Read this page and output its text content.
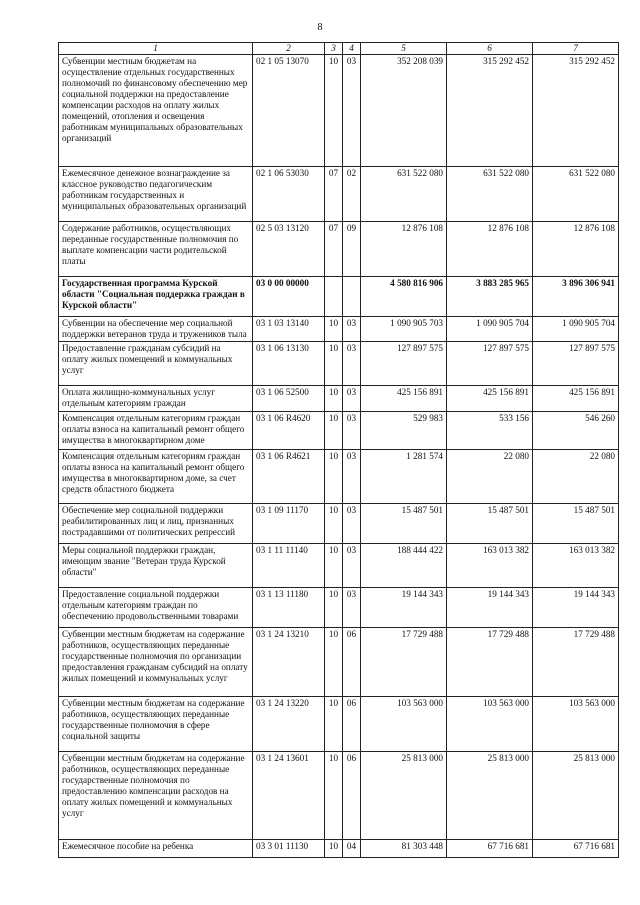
8
1	2	3	4	5	6	7
Субвенции местным бюджетам на осуществление отдельных государственных полномочий по финансовому обеспечению мер социальной поддержки на предоставление компенсации расходов на оплату жилых помещений, отопления и освещения работникам муниципальных образовательных организаций	02 1 05 13070	10	03	352 208 039	315 292 452	315 292 452
Ежемесячное денежное вознаграждение за классное руководство педагогическим работникам государственных и муниципальных образовательных организаций	02 1 06 53030	07	02	631 522 080	631 522 080	631 522 080
Содержание работников, осуществляющих переданные государственные полномочия по выплате компенсации части родительской платы	02 5 03 13120	07	09	12 876 108	12 876 108	12 876 108
Государственная программа Курской области "Социальная поддержка граждан в Курской области"	03 0 00 00000			4 580 816 906	3 883 285 965	3 896 306 941
Субвенции на обеспечение мер социальной поддержки ветеранов труда и тружеников тыла	03 1 03 13140	10	03	1 090 905 703	1 090 905 704	1 090 905 704
Предоставление гражданам субсидий на оплату жилых помещений и коммунальных услуг	03 1 06 13130	10	03	127 897 575	127 897 575	127 897 575
Оплата жилищно-коммунальных услуг отдельным категориям граждан	03 1 06 52500	10	03	425 156 891	425 156 891	425 156 891
Компенсация отдельным категориям граждан оплаты взноса на капитальный ремонт общего имущества в многоквартирном доме	03 1 06 R4620	10	03	529 983	533 156	546 260
Компенсация отдельным категориям граждан оплаты взноса на капитальный ремонт общего имущества в многоквартирном доме, за счет средств областного бюджета	03 1 06 R4621	10	03	1 281 574	22 080	22 080
Обеспечение мер социальной поддержки реабилитированных лиц и лиц, признанных пострадавшими от политических репрессий	03 1 09 11170	10	03	15 487 501	15 487 501	15 487 501
Меры социальной поддержки граждан, имеющим звание "Ветеран труда Курской области"	03 1 11 11140	10	03	188 444 422	163 013 382	163 013 382
Предоставление социальной поддержки отдельным категориям граждан по обеспечению продовольственными товарами	03 1 13 11180	10	03	19 144 343	19 144 343	19 144 343
Субвенции местным бюджетам на содержание работников, осуществляющих переданные государственные полномочия по организации предоставления гражданам субсидий на оплату жилых помещений и коммунальных услуг	03 1 24 13210	10	06	17 729 488	17 729 488	17 729 488
Субвенции местным бюджетам на содержание работников, осуществляющих переданные государственные полномочия в сфере социальной защиты	03 1 24 13220	10	06	103 563 000	103 563 000	103 563 000
Субвенции местным бюджетам на содержание работников, осуществляющих переданные государственные полномочия по предоставлению компенсации расходов на оплату жилых помещений и коммунальных услуг	03 1 24 13601	10	06	25 813 000	25 813 000	25 813 000
Ежемесячное пособие на ребенка	03 3 01 11130	10	04	81 303 448	67 716 681	67 716 681
